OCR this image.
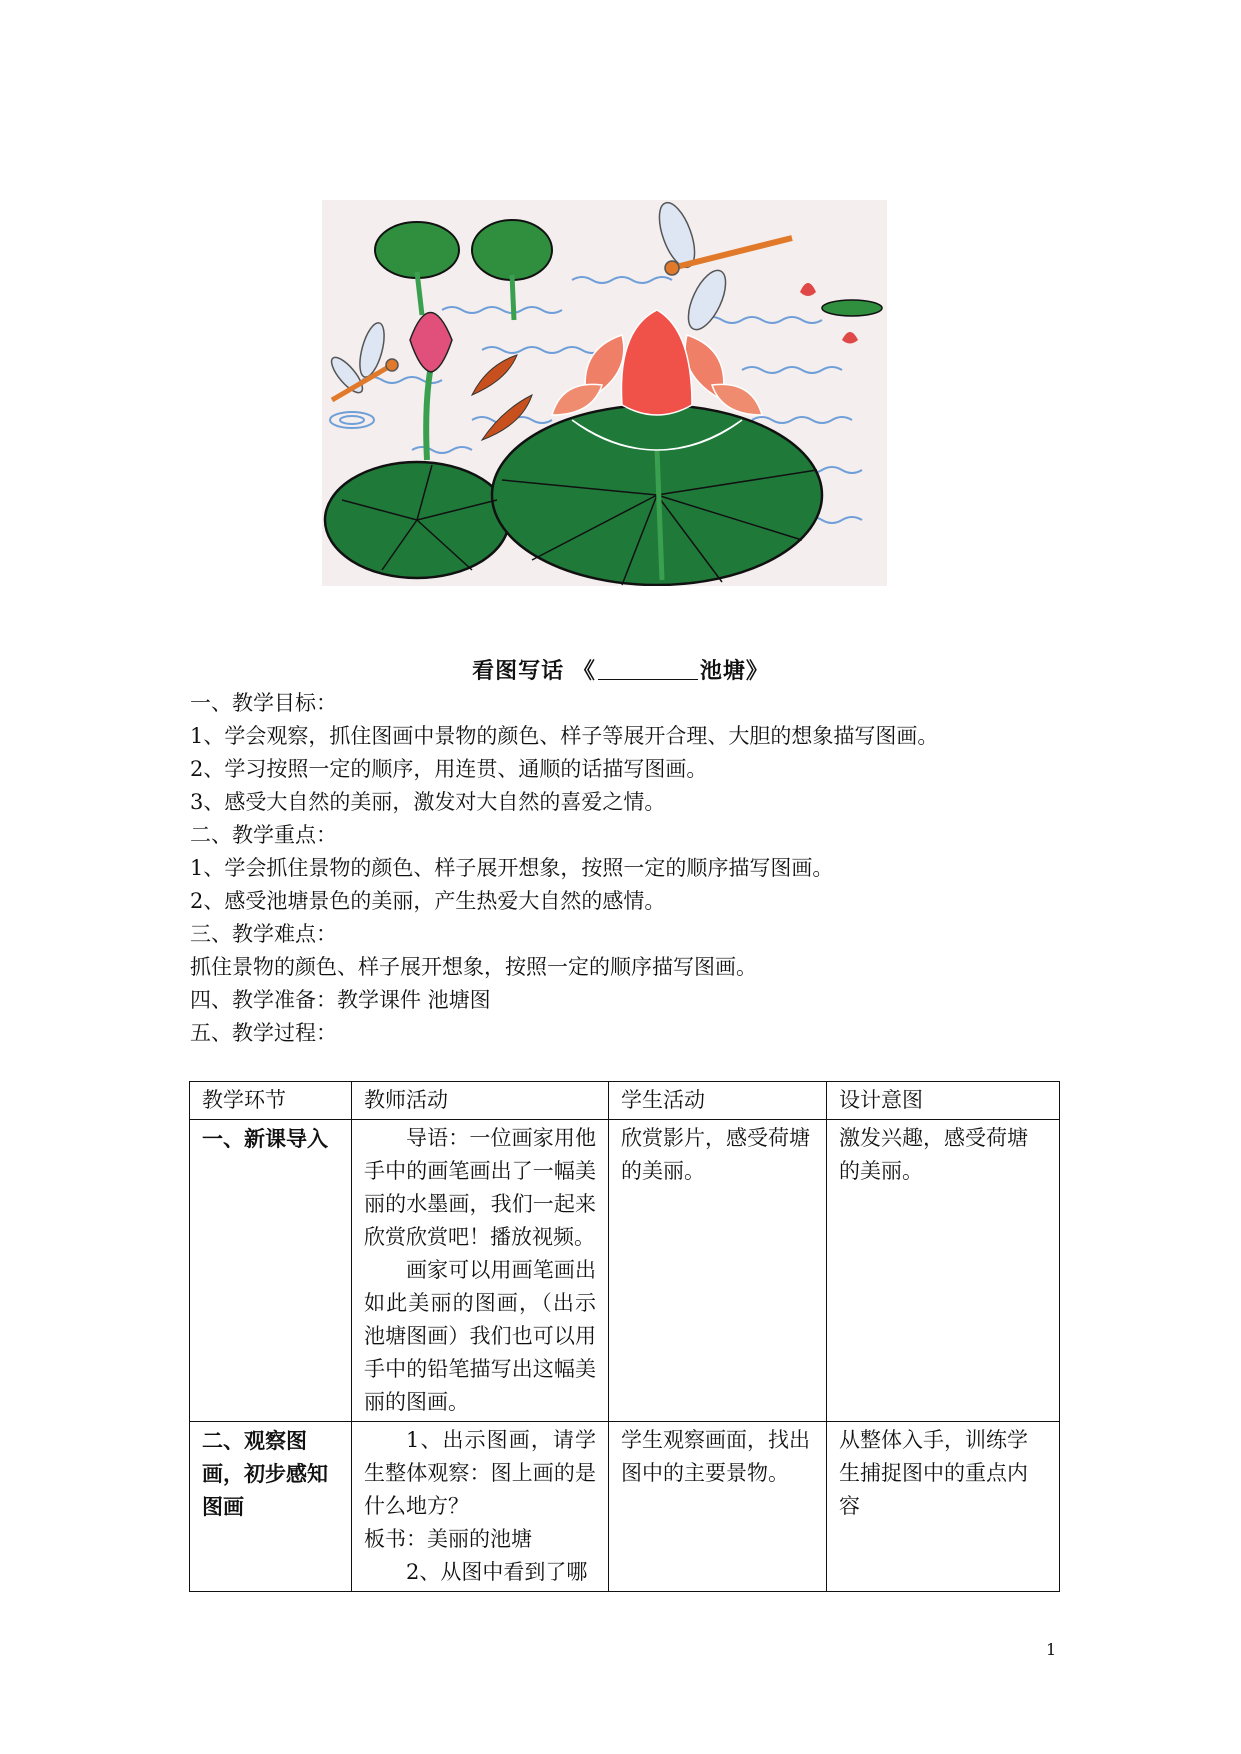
看图写话 《	池塘》
一、教学目标：
1、学会观察，抓住图画中景物的颜色、样子等展开合理、大胆的想象描写图画。
2、学习按照一定的顺序，用连贯、通顺的话描写图画。
3、感受大自然的美丽，激发对大自然的喜爱之情。
二、教学重点：
1、学会抓住景物的颜色、样子展开想象，按照一定的顺序描写图画。
2、感受池塘景色的美丽，产生热爱大自然的感情。
三、教学难点：
抓住景物的颜色、样子展开想象，按照一定的顺序描写图画。
四、教学准备：教学课件 池塘图
五、教学过程：
教学环节	教师活动	学生活动	设计意图
一、新课导入	导语：一位画家用他手中的画笔画出了一幅美丽的水墨画，我们一起来欣赏欣赏吧！播放视频。
画家可以用画笔画出如此美丽的图画，（出示池塘图画）我们也可以用手中的铅笔描写出这幅美丽的图画。	欣赏影片，感受荷塘的美丽。	激发兴趣，感受荷塘的美丽。
二、观察图画，初步感知图画	1、出示图画，请学生整体观察：图上画的是什么地方？
板书：美丽的池塘
2、从图中看到了哪	学生观察画面，找出图中的主要景物。	从整体入手，训练学生捕捉图中的重点内容
1
